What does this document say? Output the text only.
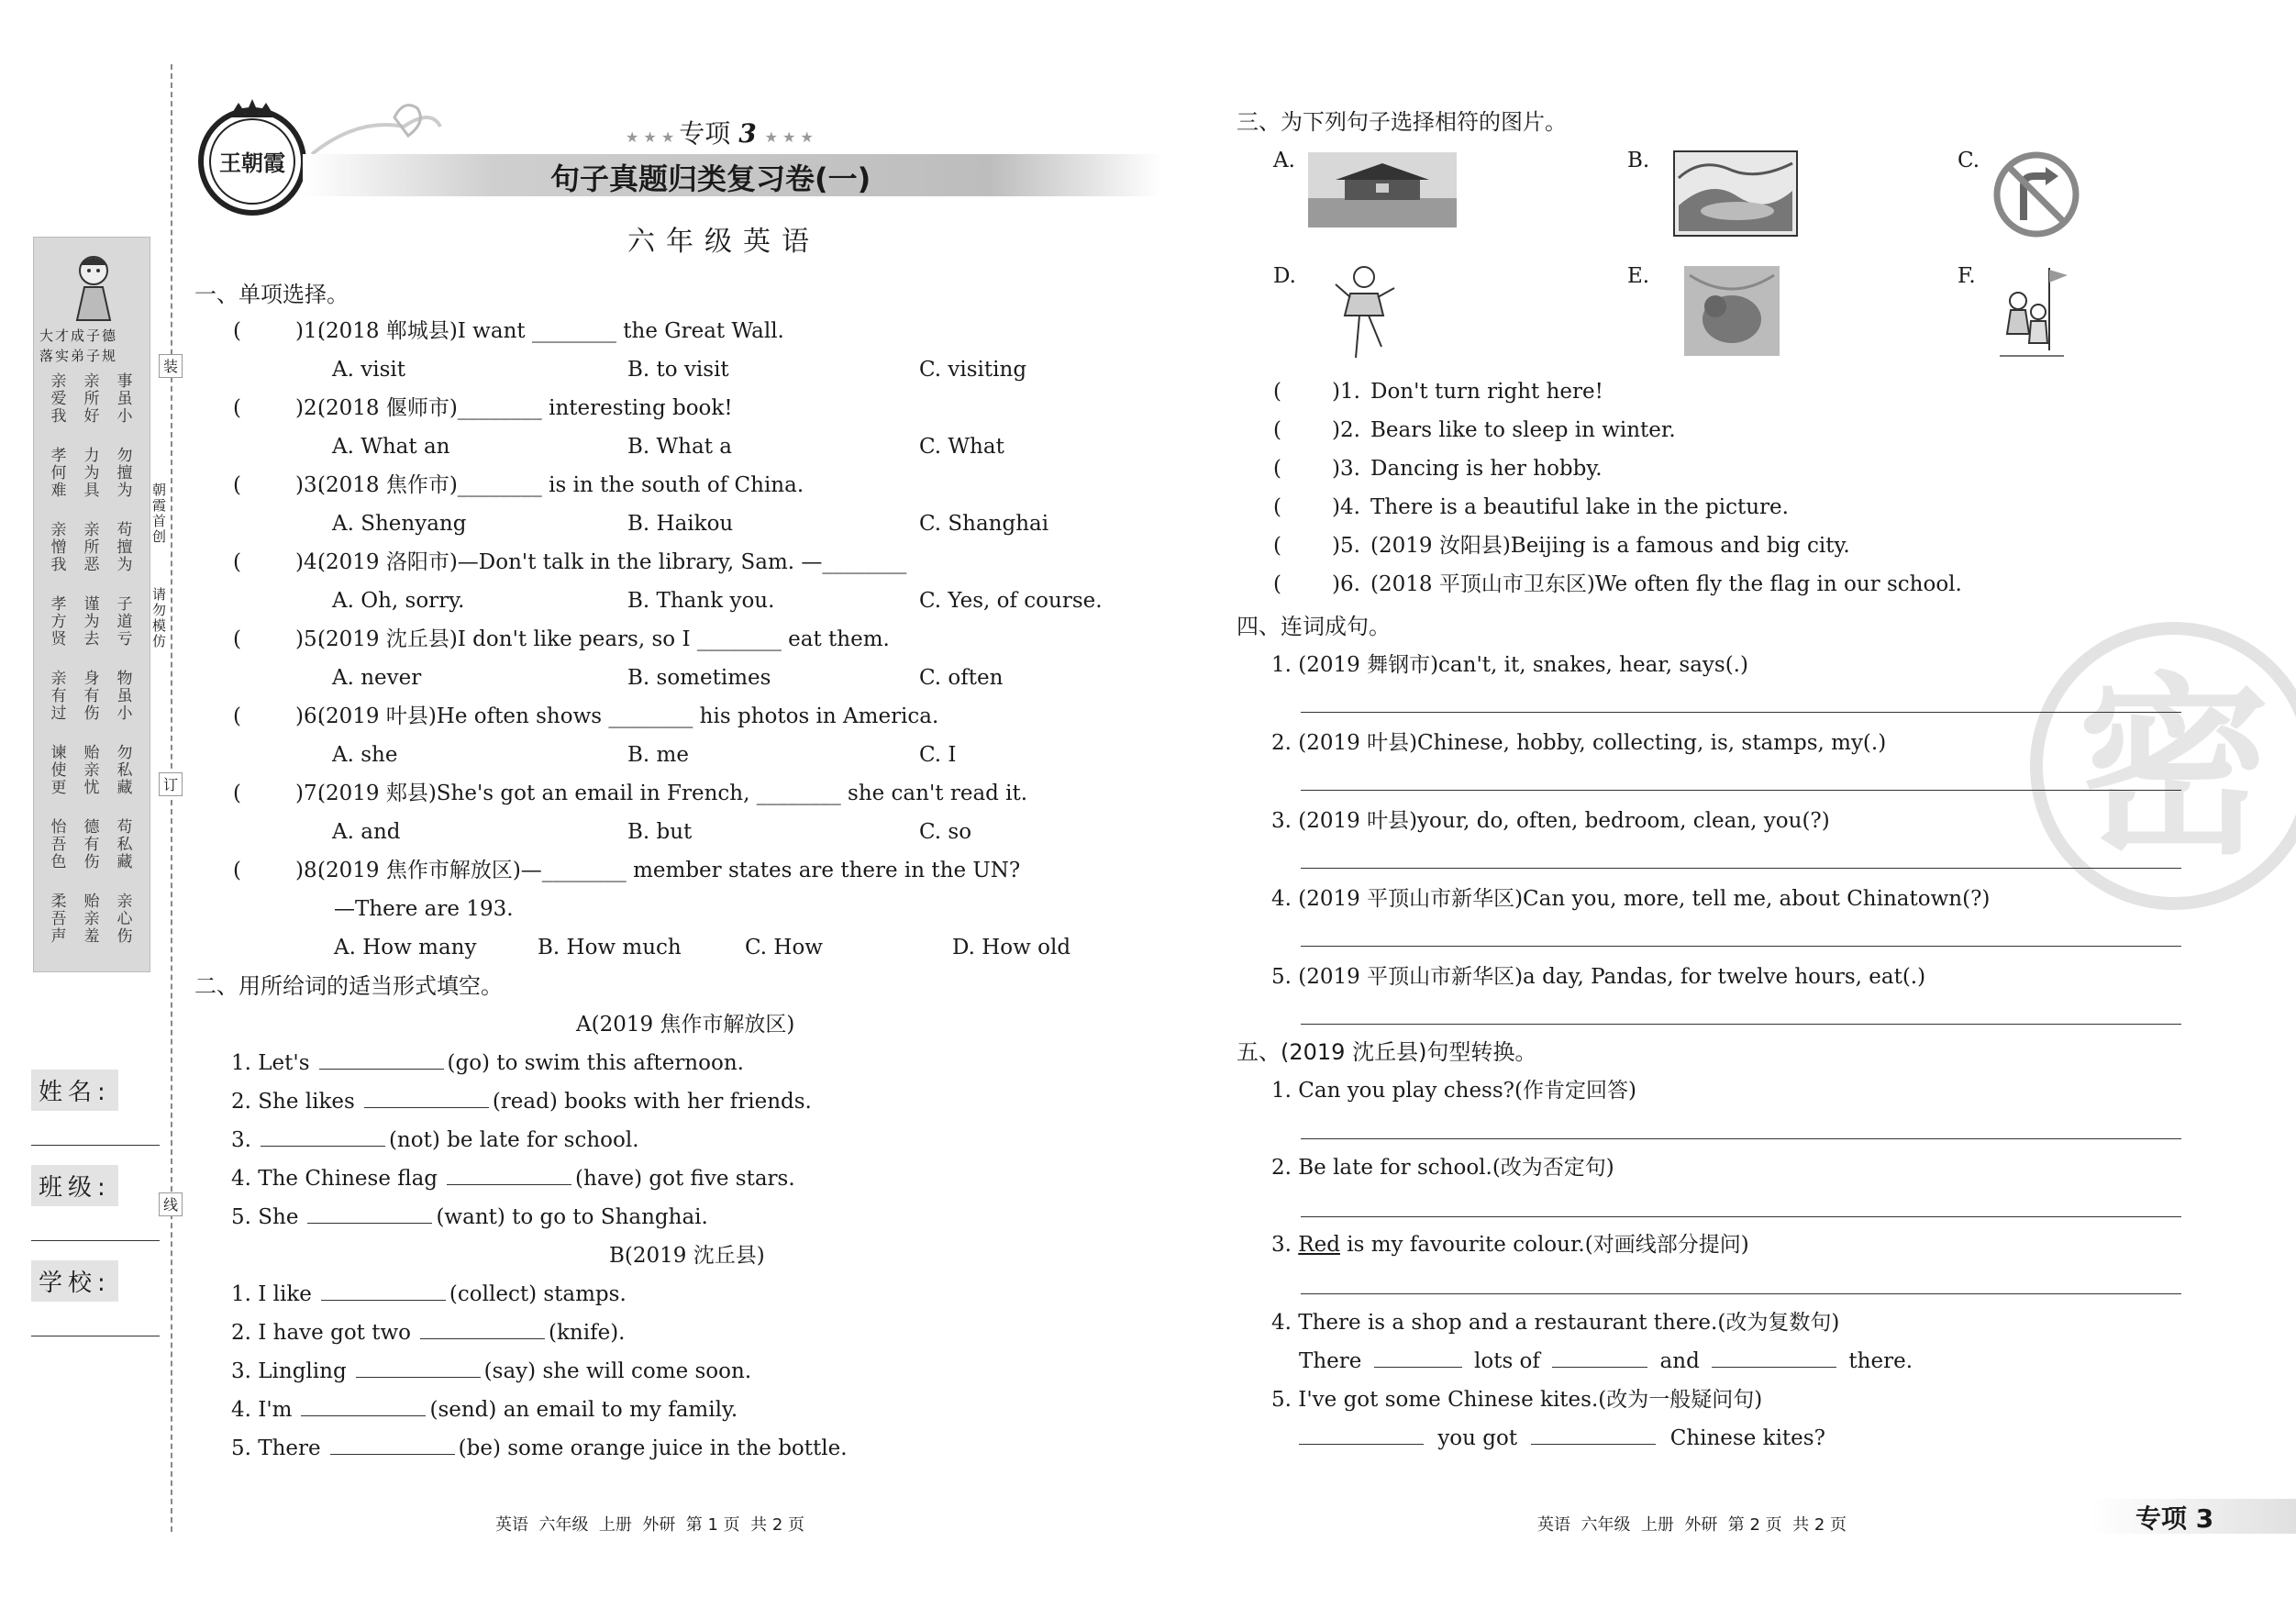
大才成子德
落实弟子规
亲爱我
亲所好
事虽小
孝何难
力为具
勿擅为
亲憎我
亲所恶
苟擅为
孝方贤
谨为去
子道亏
亲有过
身有伤
物虽小
谏使更
贻亲忧
勿私藏
怡吾色
德有伤
苟私藏
柔吾声
贻亲羞
亲心伤
装
订
线
朝霞首创
请勿模仿
姓名:
班级:
学校:
王朝霞
★ ★ ★ 专项 3 ★ ★ ★
句子真题归类复习卷(一)
六年级英语
一、单项选择。
(	)1.
(2018 郸城县)I want ________ the Great Wall.
A. visit	B. to visit	C. visiting
(	)2.
(2018 偃师市)________ interesting book!
A. What an	B. What a	C. What
(	)3.
(2018 焦作市)________ is in the south of China.
A. Shenyang	B. Haikou	C. Shanghai
(	)4.
(2019 洛阳市)—Don't talk in the library, Sam. —________
A. Oh, sorry.	B. Thank you.	C. Yes, of course.
(	)5.
(2019 沈丘县)I don't like pears, so I ________ eat them.
A. never	B. sometimes	C. often
(	)6.
(2019 叶县)He often shows ________ his photos in America.
A. she	B. me	C. I
(	)7.
(2019 郏县)She's got an email in French, ________ she can't read it.
A. and	B. but	C. so
(	)8.
(2019 焦作市解放区)—________ member states are there in the UN?
—There are 193.
A. How many	B. How much	C. How	D. How old
二、用所给词的适当形式填空。
A(2019 焦作市解放区)
1. Let's	(go) to swim this afternoon.
2. She likes	(read) books with her friends.
3.	(not) be late for school.
4. The Chinese flag	(have) got five stars.
5. She	(want) to go to Shanghai.
B(2019 沈丘县)
1. I like	(collect) stamps.
2. I have got two	(knife).
3. Lingling	(say) she will come soon.
4. I'm	(send) an email to my family.
5. There	(be) some orange juice in the bottle.
英语  六年级  上册  外研  第 1 页  共 2 页
密
三、为下列句子选择相符的图片。
A.	B.	C.
D.	E.	F.
( )1. Don't turn right here!
( )2. Bears like to sleep in winter.
( )3. Dancing is her hobby.
( )4. There is a beautiful lake in the picture.
( )5. (2019 汝阳县)Beijing is a famous and big city.
( )6. (2018 平顶山市卫东区)We often fly the flag in our school.
四、连词成句。
1. (2019 舞钢市)can't, it, snakes, hear, says(.)
2. (2019 叶县)Chinese, hobby, collecting, is, stamps, my(.)
3. (2019 叶县)your, do, often, bedroom, clean, you(?)
4. (2019 平顶山市新华区)Can you, more, tell me, about Chinatown(?)
5. (2019 平顶山市新华区)a day, Pandas, for twelve hours, eat(.)
五、(2019 沈丘县)句型转换。
1. Can you play chess?(作肯定回答)
2. Be late for school.(改为否定句)
3. Red is my favourite colour.(对画线部分提问)
4. There is a shop and a restaurant there.(改为复数句)
There	lots of	and	there.
5. I've got some Chinese kites.(改为一般疑问句)
you got	Chinese kites?
英语  六年级  上册  外研  第 2 页  共 2 页	专项 3
